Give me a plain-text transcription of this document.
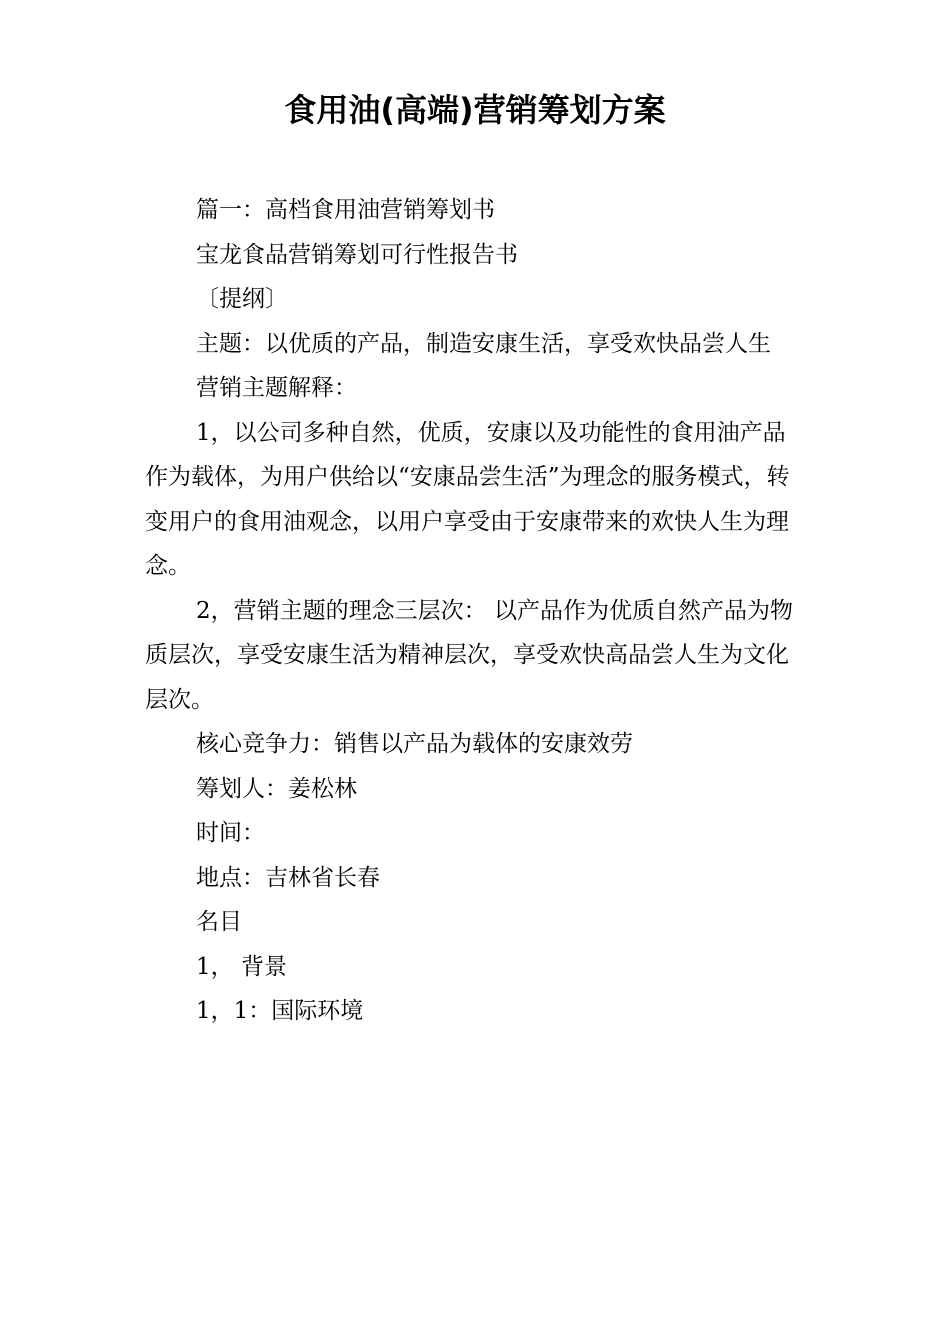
食用油(高端)营销筹划方案

篇一：高档食用油营销筹划书

宝龙食品营销筹划可行性报告书

〔提纲〕

主题：以优质的产品，制造安康生活，享受欢快品尝人生

营销主题解释：

1，以公司多种自然，优质，安康以及功能性的食用油产品作为载体，为用户供给以“安康品尝生活”为理念的服务模式，转变用户的食用油观念，以用户享受由于安康带来的欢快人生为理念。

2，营销主题的理念三层次： 以产品作为优质自然产品为物质层次，享受安康生活为精神层次，享受欢快高品尝人生为文化层次。

核心竞争力：销售以产品为载体的安康效劳

筹划人：姜松林

时间：

地点：吉林省长春

名目

1， 背景

1，1：国际环境
